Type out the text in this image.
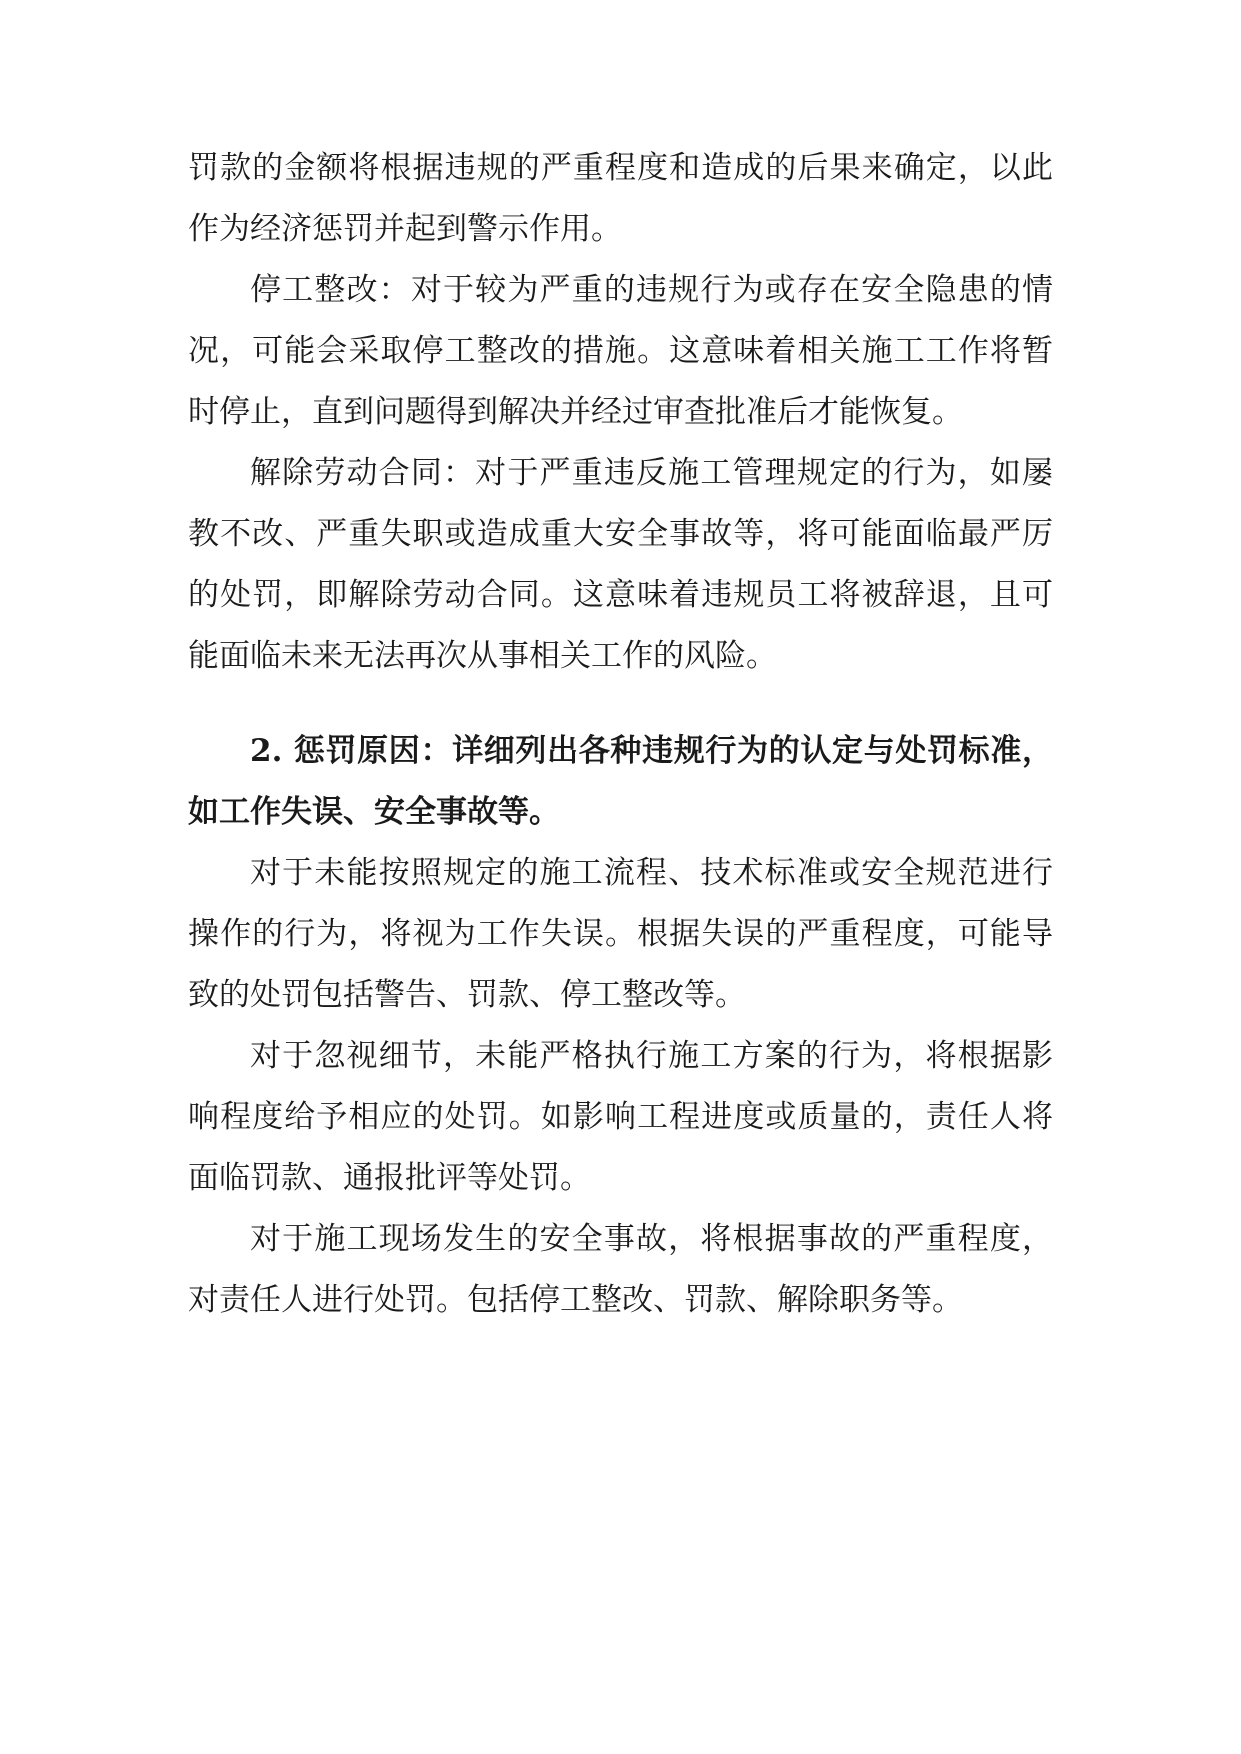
罚款的金额将根据违规的严重程度和造成的后果来确定，以此作为经济惩罚并起到警示作用。

停工整改：对于较为严重的违规行为或存在安全隐患的情况，可能会采取停工整改的措施。这意味着相关施工工作将暂时停止，直到问题得到解决并经过审查批准后才能恢复。

解除劳动合同：对于严重违反施工管理规定的行为，如屡教不改、严重失职或造成重大安全事故等，将可能面临最严厉的处罚，即解除劳动合同。这意味着违规员工将被辞退，且可能面临未来无法再次从事相关工作的风险。

2. 惩罚原因：详细列出各种违规行为的认定与处罚标准，如工作失误、安全事故等。

对于未能按照规定的施工流程、技术标准或安全规范进行操作的行为，将视为工作失误。根据失误的严重程度，可能导致的处罚包括警告、罚款、停工整改等。

对于忽视细节，未能严格执行施工方案的行为，将根据影响程度给予相应的处罚。如影响工程进度或质量的，责任人将面临罚款、通报批评等处罚。

对于施工现场发生的安全事故，将根据事故的严重程度，对责任人进行处罚。包括停工整改、罚款、解除职务等。
